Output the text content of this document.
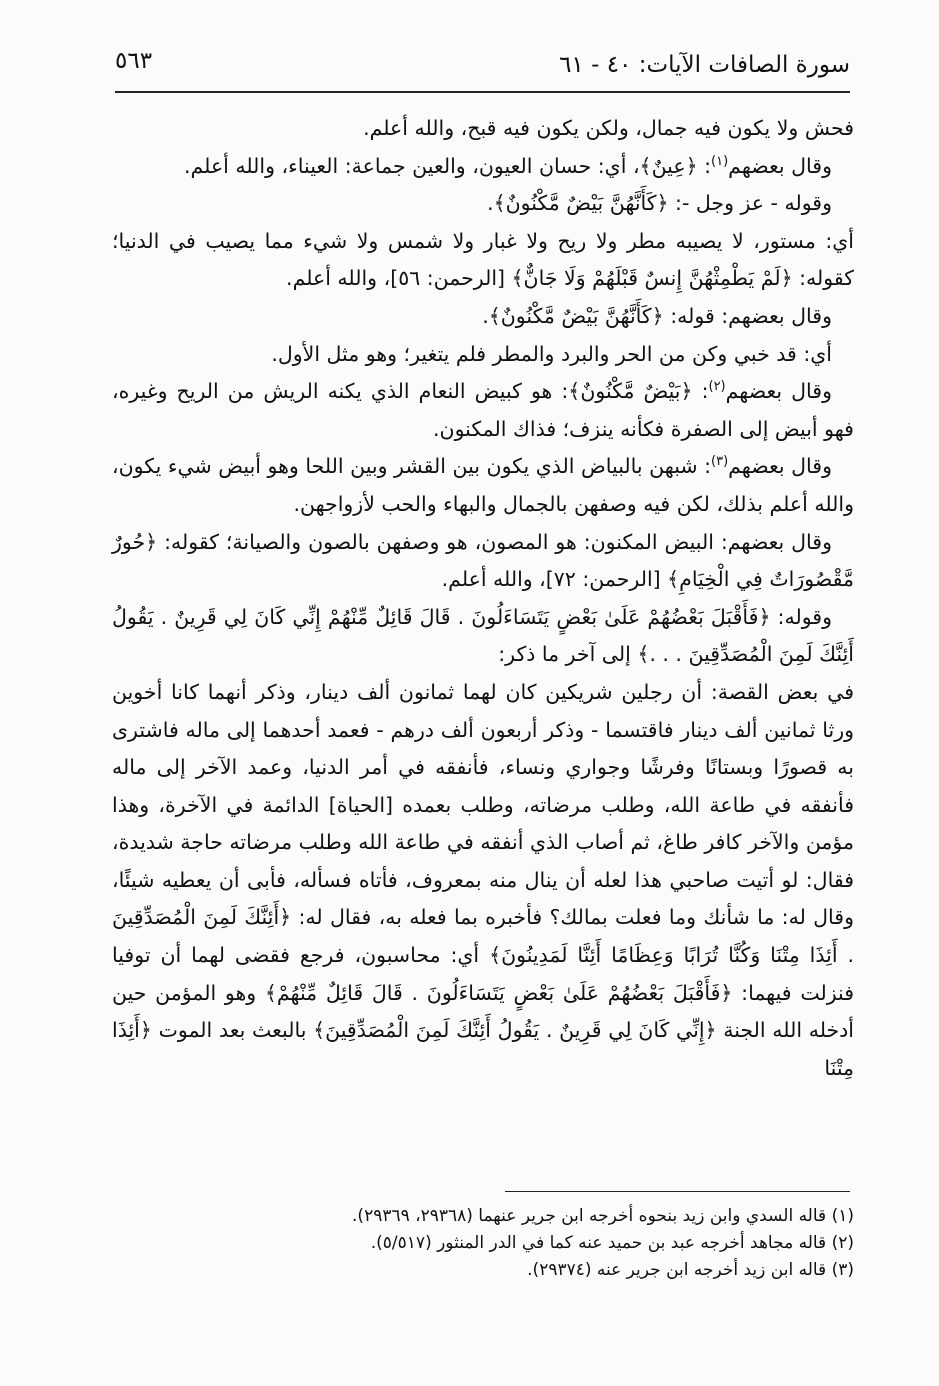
سورة الصافات الآيات: ٤٠ - ٦١
٥٦٣

فحش ولا يكون فيه جمال، ولكن يكون فيه قبح، والله أعلم.

وقال بعضهم$^{(١)}$: ﴿عِينٌ﴾، أي: حسان العيون، والعين جماعة: العيناء، والله أعلم.

وقوله - عز وجل -: ﴿كَأَنَّهُنَّ بَيْضٌ مَّكْنُونٌ﴾.

أي: مستور، لا يصيبه مطر ولا ريح ولا غبار ولا شمس ولا شيء مما يصيب في الدنيا؛ كقوله: ﴿لَمْ يَطْمِثْهُنَّ إِنسٌ قَبْلَهُمْ وَلَا جَانٌّ﴾ [الرحمن: ٥٦]، والله أعلم.

وقال بعضهم: قوله: ﴿كَأَنَّهُنَّ بَيْضٌ مَّكْنُونٌ﴾.

أي: قد خبي وكن من الحر والبرد والمطر فلم يتغير؛ وهو مثل الأول.

وقال بعضهم$^{(٢)}$: ﴿بَيْضٌ مَّكْنُونٌ﴾: هو كبيض النعام الذي يكنه الريش من الريح وغيره، فهو أبيض إلى الصفرة فكأنه ينزف؛ فذاك المكنون.

وقال بعضهم$^{(٣)}$: شبهن بالبياض الذي يكون بين القشر وبين اللحا وهو أبيض شيء يكون، والله أعلم بذلك، لكن فيه وصفهن بالجمال والبهاء والحب لأزواجهن.

وقال بعضهم: البيض المكنون: هو المصون، هو وصفهن بالصون والصيانة؛ كقوله: ﴿حُورٌ مَّقْصُورَاتٌ فِي الْخِيَامِ﴾ [الرحمن: ٧٢]، والله أعلم.

وقوله: ﴿فَأَقْبَلَ بَعْضُهُمْ عَلَىٰ بَعْضٍ يَتَسَاءَلُونَ . قَالَ قَائِلٌ مِّنْهُمْ إِنِّي كَانَ لِي قَرِينٌ . يَقُولُ أَئِنَّكَ لَمِنَ الْمُصَدِّقِينَ . . .﴾ إلى آخر ما ذكر:

في بعض القصة: أن رجلين شريكين كان لهما ثمانون ألف دينار، وذكر أنهما كانا أخوين ورثا ثمانين ألف دينار فاقتسما - وذكر أربعون ألف درهم - فعمد أحدهما إلى ماله فاشترى به قصورًا وبستانًا وفرشًا وجواري ونساء، فأنفقه في أمر الدنيا، وعمد الآخر إلى ماله فأنفقه في طاعة الله، وطلب مرضاته، وطلب بعمده [الحياة] الدائمة في الآخرة، وهذا مؤمن والآخر كافر طاغ، ثم أصاب الذي أنفقه في طاعة الله وطلب مرضاته حاجة شديدة، فقال: لو أتيت صاحبي هذا لعله أن ينال منه بمعروف، فأتاه فسأله، فأبى أن يعطيه شيئًا، وقال له: ما شأنك وما فعلت بمالك؟ فأخبره بما فعله به، فقال له: ﴿أَئِنَّكَ لَمِنَ الْمُصَدِّقِينَ . أَئِذَا مِتْنَا وَكُنَّا تُرَابًا وَعِظَامًا أَئِنَّا لَمَدِينُونَ﴾ أي: محاسبون، فرجع فقضى لهما أن توفيا فنزلت فيهما: ﴿فَأَقْبَلَ بَعْضُهُمْ عَلَىٰ بَعْضٍ يَتَسَاءَلُونَ . قَالَ قَائِلٌ مِّنْهُمْ﴾ وهو المؤمن حين أدخله الله الجنة ﴿إِنِّي كَانَ لِي قَرِينٌ . يَقُولُ أَئِنَّكَ لَمِنَ الْمُصَدِّقِينَ﴾ بالبعث بعد الموت ﴿أَئِذَا مِتْنَا

(١) قاله السدي وابن زيد بنحوه أخرجه ابن جرير عنهما (٢٩٣٦٨، ٢٩٣٦٩).

(٢) قاله مجاهد أخرجه عبد بن حميد عنه كما في الدر المنثور (٥/٥١٧).

(٣) قاله ابن زيد أخرجه ابن جرير عنه (٢٩٣٧٤).
